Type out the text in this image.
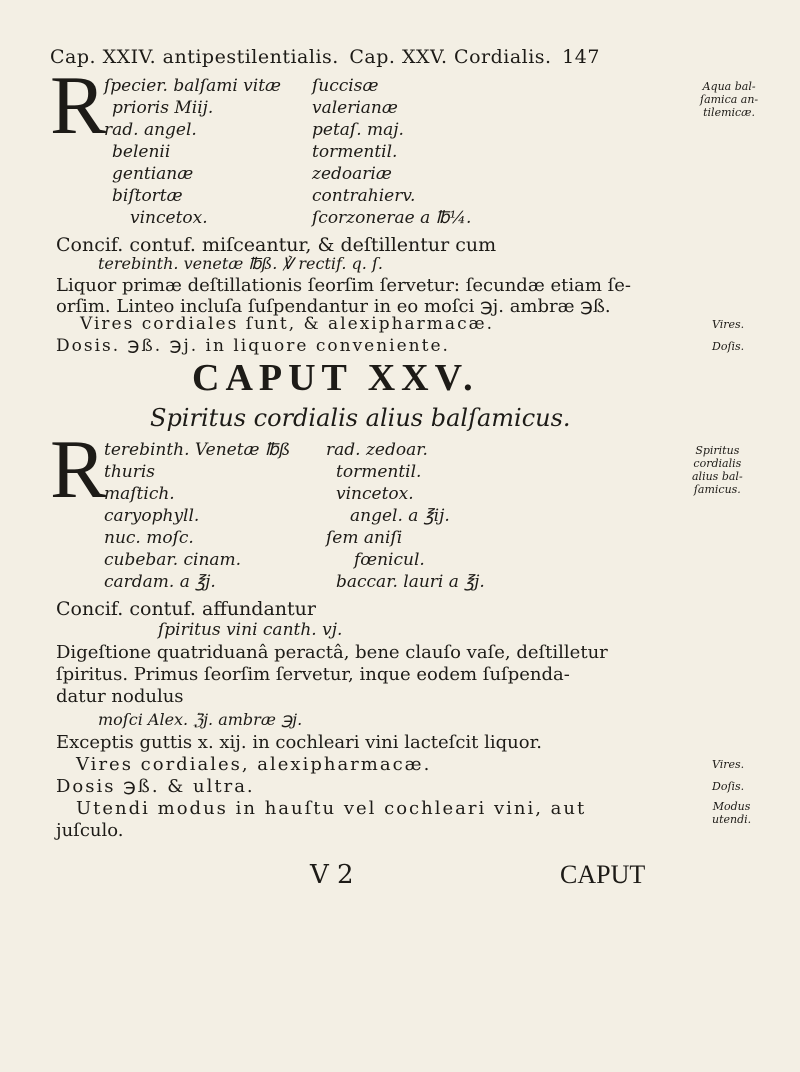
Cap. XXIV. antipestilentialis. Cap. XXV. Cordialis. 147
R
ſpecier. balſami vitæ
prioris Miij.
rad. angel.
belenii
gentianæ
biſtortæ
vincetox.
ſuccisæ
valerianæ
petaſ. maj.
tormentil.
zedoariæ
contrahierv.
ſcorzonerae a ℔¼.
Aqua bal-
ſamica an-
tilemicæ.
Concif. contuf. miſceantur, & deſtillentur cum
terebinth. venetæ ℔ß. ℣ rectif. q. ſ.
Liquor primæ deſtillationis ſeorſim ſervetur: ſecundæ etiam ſe-
orſim. Linteo incluſa ſuſpendantur in eo moſci ℈j. ambræ ℈ß.
CAPUT XXV.
Spiritus cordialis alius balſamicus.
R
terebinth. Venetæ ℔ß
thuris
maſtich.
caryophyll.
nuc. moſc.
cubebar. cinam.
cardam. a ℥j.
rad. zedoar.
tormentil.
vincetox.
angel. a ℥ij.
ſem aniſi
fœnicul.
baccar. lauri a ℥j.
Spiritus
cordialis
alius bal-
ſamicus.
Concif. contuf. affundantur
ſpiritus vini canth. vj.
Digeſtione quatriduanâ peractâ, bene clauſo vaſe, deſtilletur
ſpiritus. Primus ſeorſim ſervetur, inque eodem ſuſpenda-
datur nodulus
moſci Alex. ℨj. ambræ ℈j.
Exceptis guttis x. xij. in cochleari vini lacteſcit liquor.
Vires cordiales, alexipharmacæ.
Dosis ℈ß. & ultra.
Utendi modus in hauſtu vel cochleari vini, aut
juſculo.
Vires.
Doſis.
Modus
utendi.
V 2	CAPUT
Vires cordiales ſunt, & alexipharmacæ.
Dosis. ℈ß. ℈j. in liquore conveniente.
Vires.
Doſis.
